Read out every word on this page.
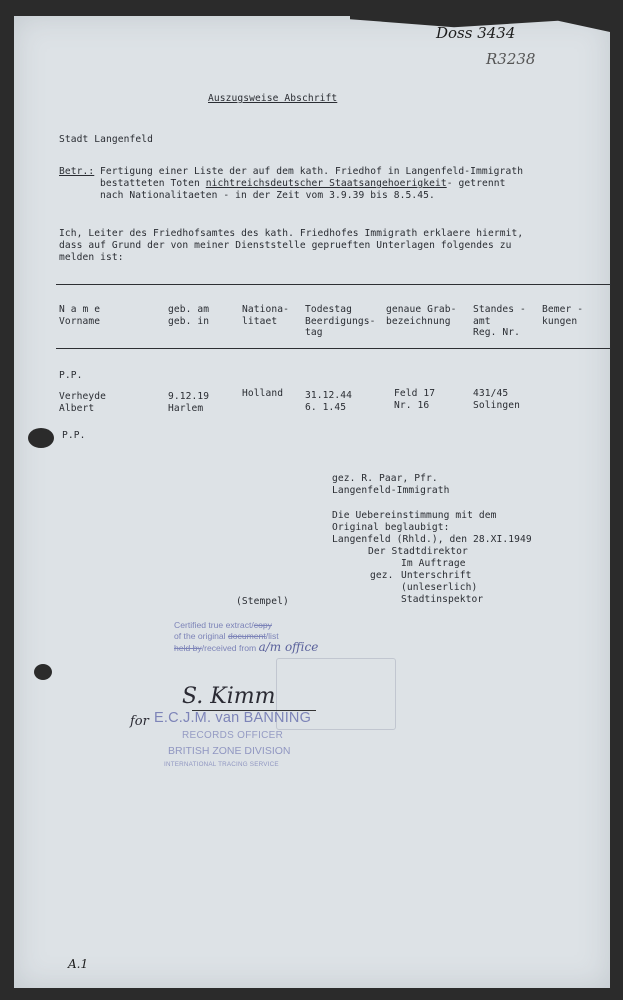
Doss 3434
R3238
Auszugsweise Abschrift
Stadt Langenfeld
Betr.: Fertigung einer Liste der auf dem kath. Friedhof in Langenfeld-Immigrath
bestatteten Toten nichtreichsdeutscher Staatsangehoerigkeit- getrennt
nach Nationalitaeten - in der Zeit vom 3.9.39 bis 8.5.45.
Ich, Leiter des Friedhofsamtes des kath. Friedhofes Immigrath erklaere hiermit,
dass auf Grund der von meiner Dienststelle geprueften Unterlagen folgendes zu
melden ist:
N a m e
Vorname
geb. am
geb. in
Nationa-
litaet
Todestag
Beerdigungs-
tag
genaue Grab-
bezeichnung
Standes -
amt
Reg. Nr.
Bemer -
kungen
P.P.
Verheyde
Albert
9.12.19
Harlem
Holland 31.12.44
6. 1.45
Feld 17
Nr. 16
431/45
Solingen
P.P.
gez. R. Paar, Pfr.
Langenfeld-Immigrath
Die Uebereinstimmung mit dem
Original beglaubigt:
Langenfeld (Rhld.), den 28.XI.1949
Der Stadtdirektor
Im Auftrage
gez. Unterschrift
(unleserlich)
Stadtinspektor
(Stempel)
Certified true extract/copy
of the original document/list
held by/received from a/m office
S. Kimm
for E.C.J.M. van BANNING
RECORDS OFFICER
BRITISH ZONE DIVISION
INTERNATIONAL TRACING SERVICE
A.1
